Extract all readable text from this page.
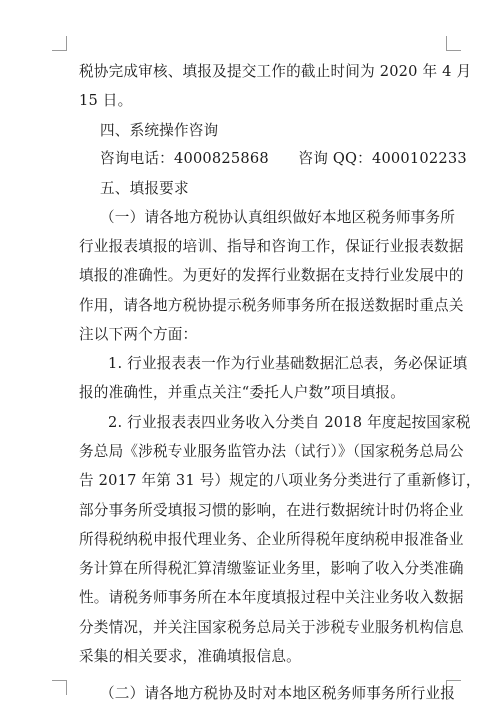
税协完成审核、填报及提交工作的截止时间为 2020 年 4 月
15 日。
四、系统操作咨询
咨询电话：4000825868　　咨询 QQ：4000102233
五、填报要求
（一）请各地方税协认真组织做好本地区税务师事务所
行业报表填报的培训、指导和咨询工作，保证行业报表数据
填报的准确性。为更好的发挥行业数据在支持行业发展中的
作用，请各地方税协提示税务师事务所在报送数据时重点关
注以下两个方面：
1. 行业报表表一作为行业基础数据汇总表，务必保证填
报的准确性，并重点关注“委托人户数”项目填报。
2. 行业报表表四业务收入分类自 2018 年度起按国家税
务总局《涉税专业服务监管办法（试行）》（国家税务总局公
告 2017 年第 31 号）规定的八项业务分类进行了重新修订，
部分事务所受填报习惯的影响，在进行数据统计时仍将企业
所得税纳税申报代理业务、企业所得税年度纳税申报准备业
务计算在所得税汇算清缴鉴证业务里，影响了收入分类准确
性。请税务师事务所在本年度填报过程中关注业务收入数据
分类情况，并关注国家税务总局关于涉税专业服务机构信息
采集的相关要求，准确填报信息。
（二）请各地方税协及时对本地区税务师事务所行业报
